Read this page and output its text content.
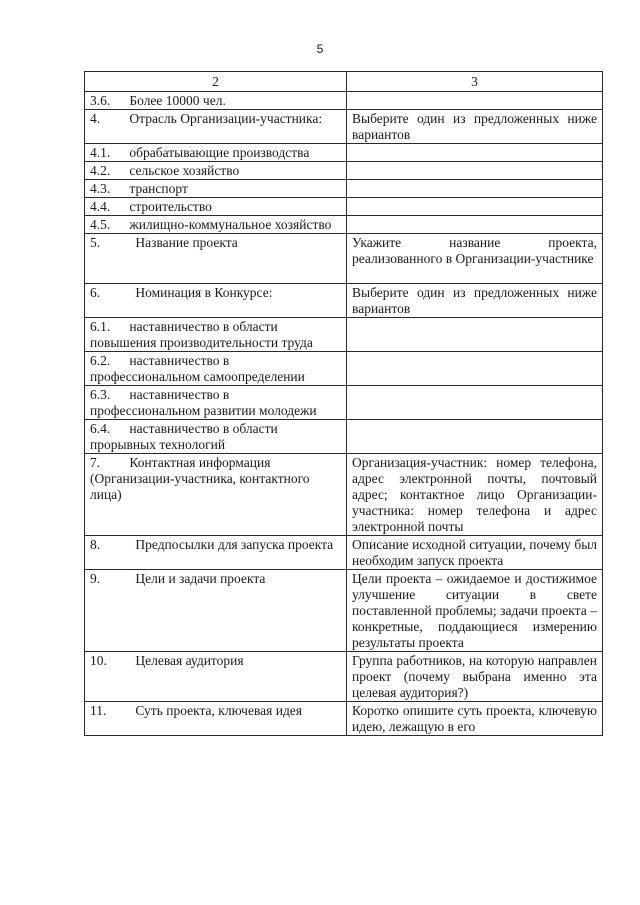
5
2	3
3.6. Более 10000 чел.	
4. Отрасль Организации-участника:	Выберите один из предложенных ниже вариантов
4.1. обрабатывающие производства	
4.2. сельское хозяйство	
4.3. транспорт	
4.4. строительство	
4.5. жилищно-коммунальное хозяйство	
5. Название проекта	Укажите название проекта, реализованного в Организации-участнике
6. Номинация в Конкурсе:	Выберите один из предложенных ниже вариантов
6.1. наставничество в области повышения производительности труда	
6.2. наставничество в профессиональном самоопределении	
6.3. наставничество в профессиональном развитии молодежи	
6.4. наставничество в области прорывных технологий	
7. Контактная информация (Организации-участника, контактного лица)	Организация-участник: номер телефона, адрес электронной почты, почтовый адрес; контактное лицо Организации-участника: номер телефона и адрес электронной почты
8. Предпосылки для запуска проекта	Описание исходной ситуации, почему был необходим запуск проекта
9. Цели и задачи проекта	Цели проекта – ожидаемое и достижимое улучшение ситуации в свете поставленной проблемы; задачи проекта – конкретные, поддающиеся измерению результаты проекта
10. Целевая аудитория	Группа работников, на которую направлен проект (почему выбрана именно эта целевая аудитория?)
11. Суть проекта, ключевая идея	Коротко опишите суть проекта, ключевую идею, лежащую в его
